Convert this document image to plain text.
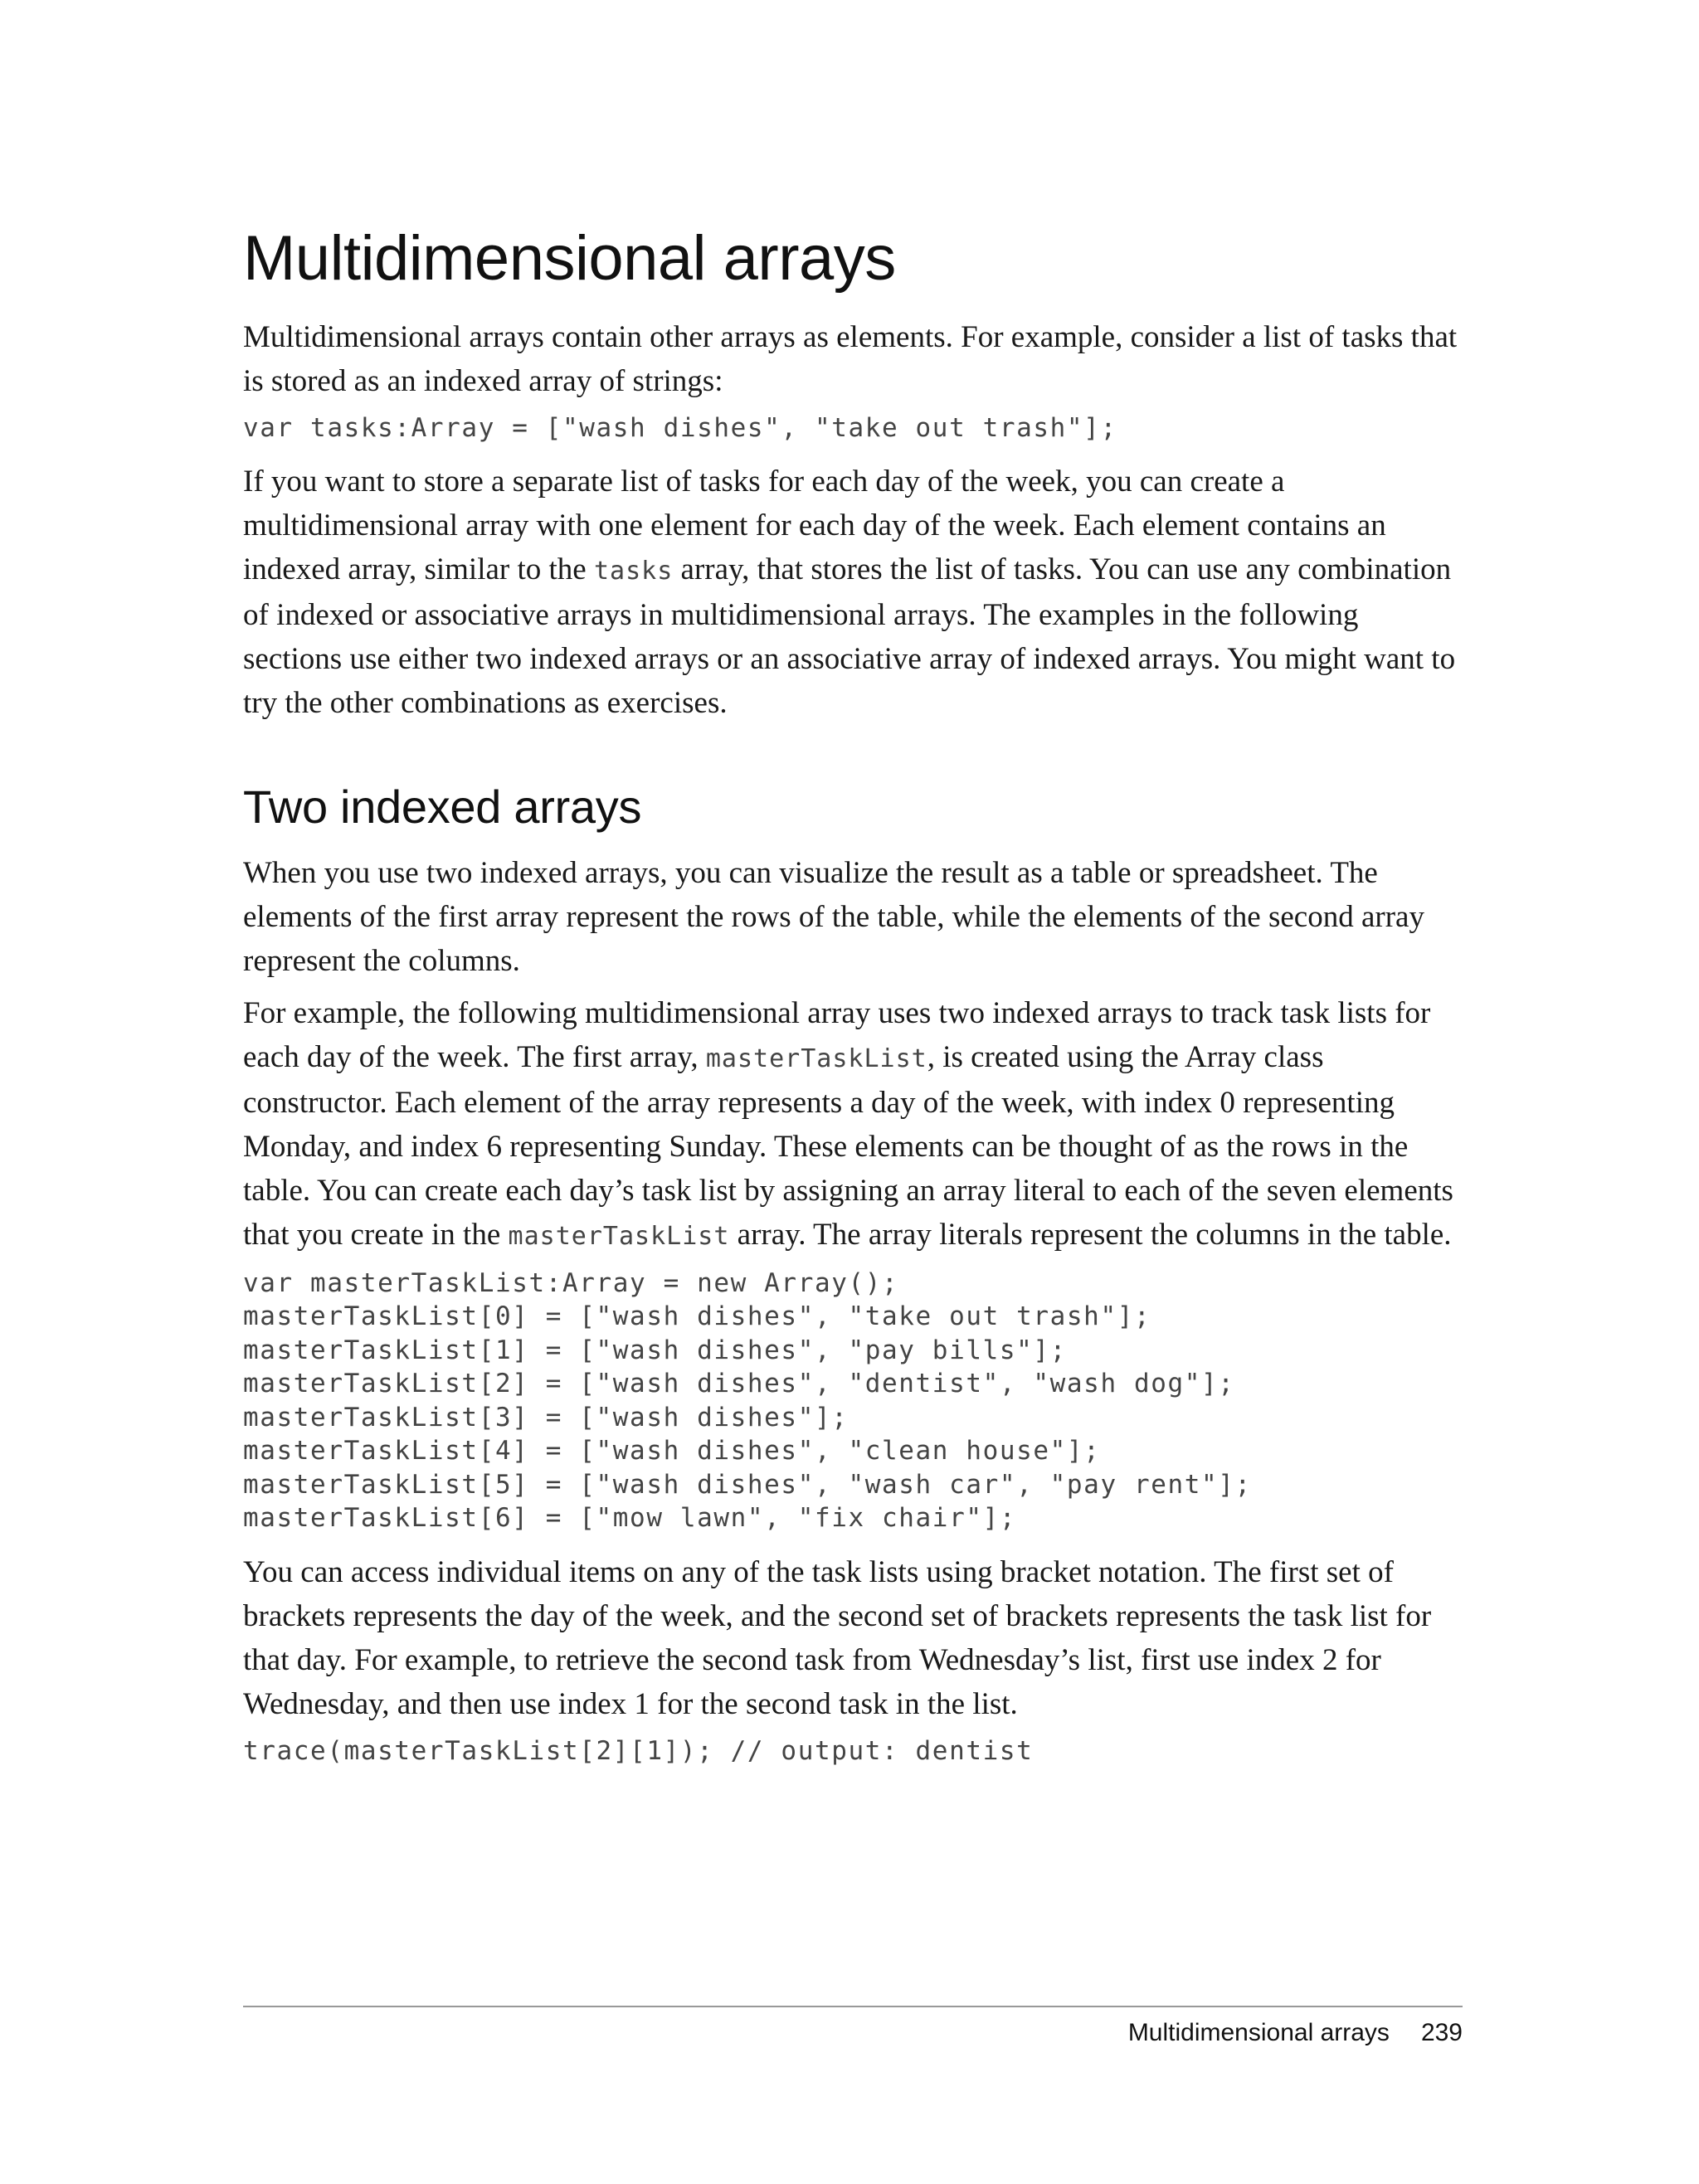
Multidimensional arrays

Multidimensional arrays contain other arrays as elements. For example, consider a list of tasks that is stored as an indexed array of strings:

var tasks:Array = ["wash dishes", "take out trash"];

If you want to store a separate list of tasks for each day of the week, you can create a multidimensional array with one element for each day of the week. Each element contains an indexed array, similar to the tasks array, that stores the list of tasks. You can use any combination of indexed or associative arrays in multidimensional arrays. The examples in the following sections use either two indexed arrays or an associative array of indexed arrays. You might want to try the other combinations as exercises.

Two indexed arrays

When you use two indexed arrays, you can visualize the result as a table or spreadsheet. The elements of the first array represent the rows of the table, while the elements of the second array represent the columns.

For example, the following multidimensional array uses two indexed arrays to track task lists for each day of the week. The first array, masterTaskList, is created using the Array class constructor. Each element of the array represents a day of the week, with index 0 representing Monday, and index 6 representing Sunday. These elements can be thought of as the rows in the table. You can create each day’s task list by assigning an array literal to each of the seven elements that you create in the masterTaskList array. The array literals represent the columns in the table.

var masterTaskList:Array = new Array();
masterTaskList[0] = ["wash dishes", "take out trash"];
masterTaskList[1] = ["wash dishes", "pay bills"];
masterTaskList[2] = ["wash dishes", "dentist", "wash dog"];
masterTaskList[3] = ["wash dishes"];
masterTaskList[4] = ["wash dishes", "clean house"];
masterTaskList[5] = ["wash dishes", "wash car", "pay rent"];
masterTaskList[6] = ["mow lawn", "fix chair"];

You can access individual items on any of the task lists using bracket notation. The first set of brackets represents the day of the week, and the second set of brackets represents the task list for that day. For example, to retrieve the second task from Wednesday’s list, first use index 2 for Wednesday, and then use index 1 for the second task in the list.

trace(masterTaskList[2][1]); // output: dentist
Multidimensional arrays 239
